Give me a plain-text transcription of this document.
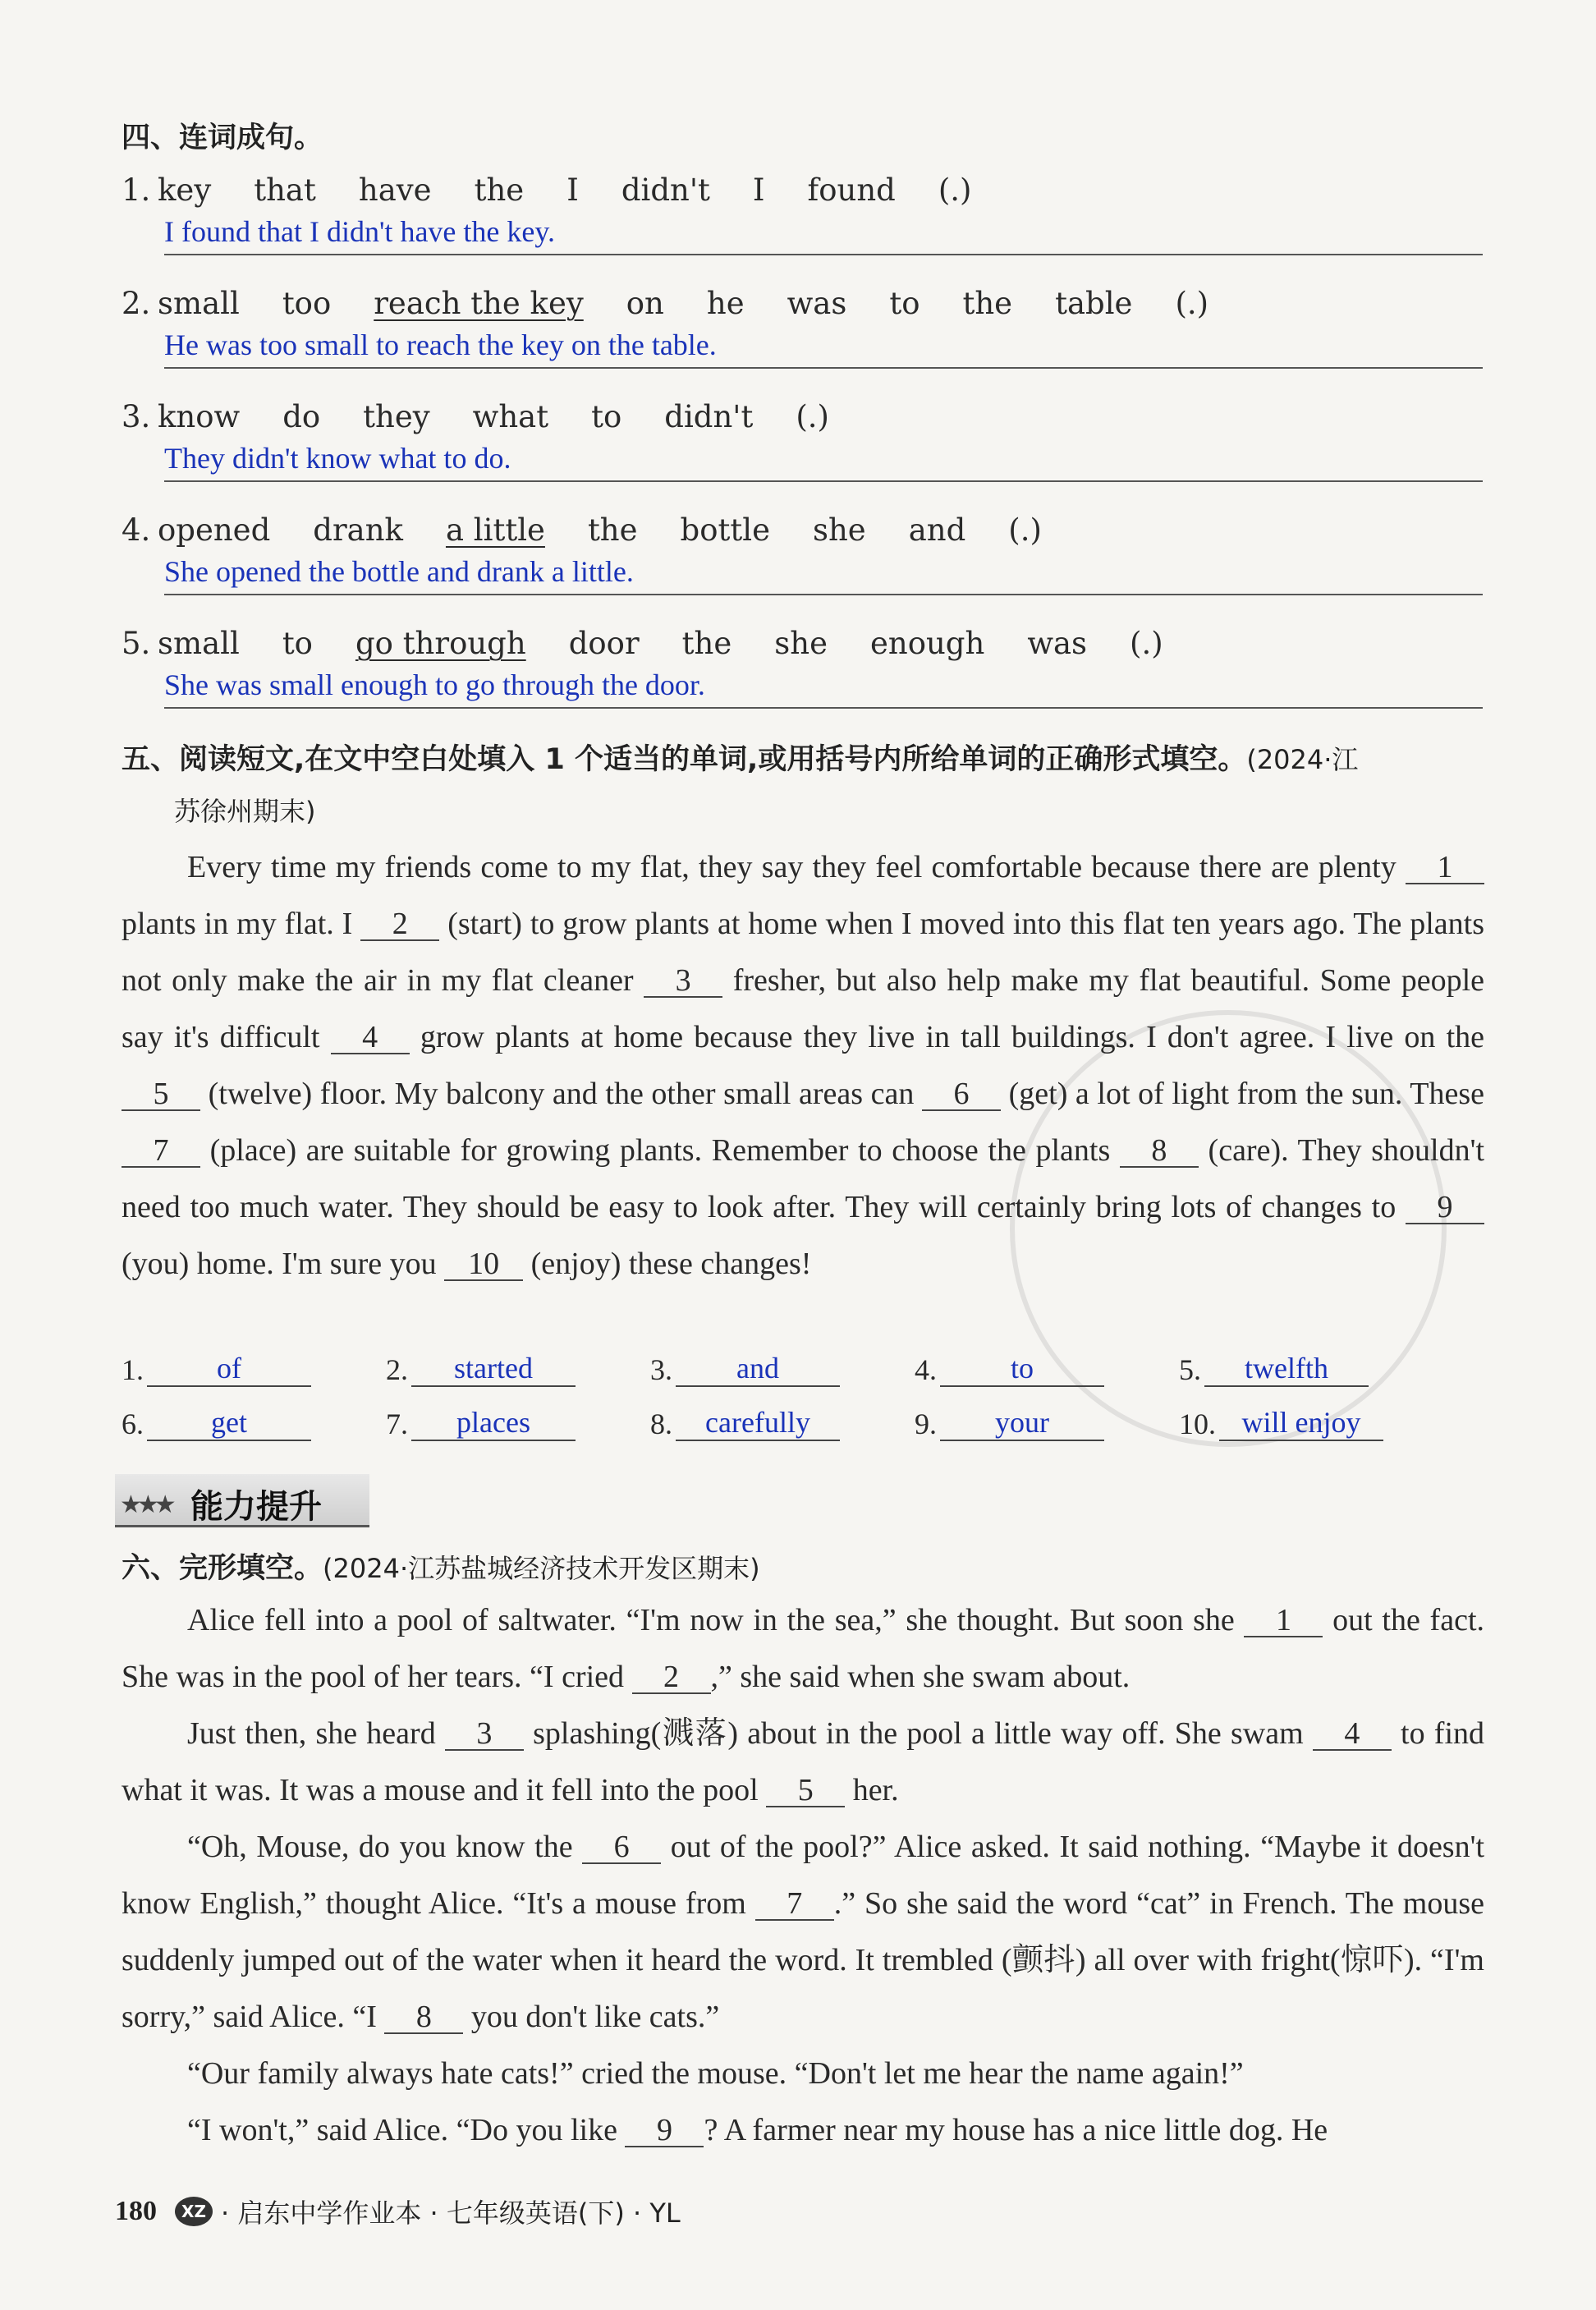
四、连词成句。
1. key that have the I didn't I found (.)
I found that I didn't have the key.
2. small too reach the key on he was to the table (.)
He was too small to reach the key on the table.
3. know do they what to didn't (.)
They didn't know what to do.
4. opened drank a little the bottle she and (.)
She opened the bottle and drank a little.
5. small to go through door the she enough was (.)
She was small enough to go through the door.
五、阅读短文,在文中空白处填入 1 个适当的单词,或用括号内所给单词的正确形式填空。(2024·江
苏徐州期末)

Every time my friends come to my flat, they say they feel comfortable because there are plenty 1 plants in my flat. I 2 (start) to grow plants at home when I moved into this flat ten years ago. The plants not only make the air in my flat cleaner 3 fresher, but also help make my flat beautiful. Some people say it's difficult 4 grow plants at home because they live in tall buildings. I don't agree. I live on the 5 (twelve) floor. My balcony and the other small areas can 6 (get) a lot of light from the sun. These 7 (place) are suitable for growing plants. Remember to choose the plants 8 (care). They shouldn't need too much water. They should be easy to look after. They will certainly bring lots of changes to 9 (you) home. I'm sure you 10 (enjoy) these changes!

1.	of	2.	started	3.	and	4.	to	5.	twelfth
6.	get	7.	places	8.	carefully	9.	your	10. will enjoy
★★★ 能力提升
六、完形填空。(2024·江苏盐城经济技术开发区期末)

Alice fell into a pool of saltwater. “I'm now in the sea,” she thought. But soon she 1 out the fact. She was in the pool of her tears. “I cried 2 ,” she said when she swam about.

Just then, she heard 3 splashing(溅落) about in the pool a little way off. She swam 4 to find what it was. It was a mouse and it fell into the pool 5 her.

“Oh, Mouse, do you know the 6 out of the pool?” Alice asked. It said nothing. “Maybe it doesn't know English,” thought Alice. “It's a mouse from 7 .” So she said the word “cat” in French. The mouse suddenly jumped out of the water when it heard the word. It trembled (颤抖) all over with fright(惊吓). “I'm sorry,” said Alice. “I 8 you don't like cats.”

“Our family always hate cats!” cried the mouse. “Don't let me hear the name again!”

“I won't,” said Alice. “Do you like 9 ? A farmer near my house has a nice little dog. He

180	XZ · 启东中学作业本 · 七年级英语(下) · YL
